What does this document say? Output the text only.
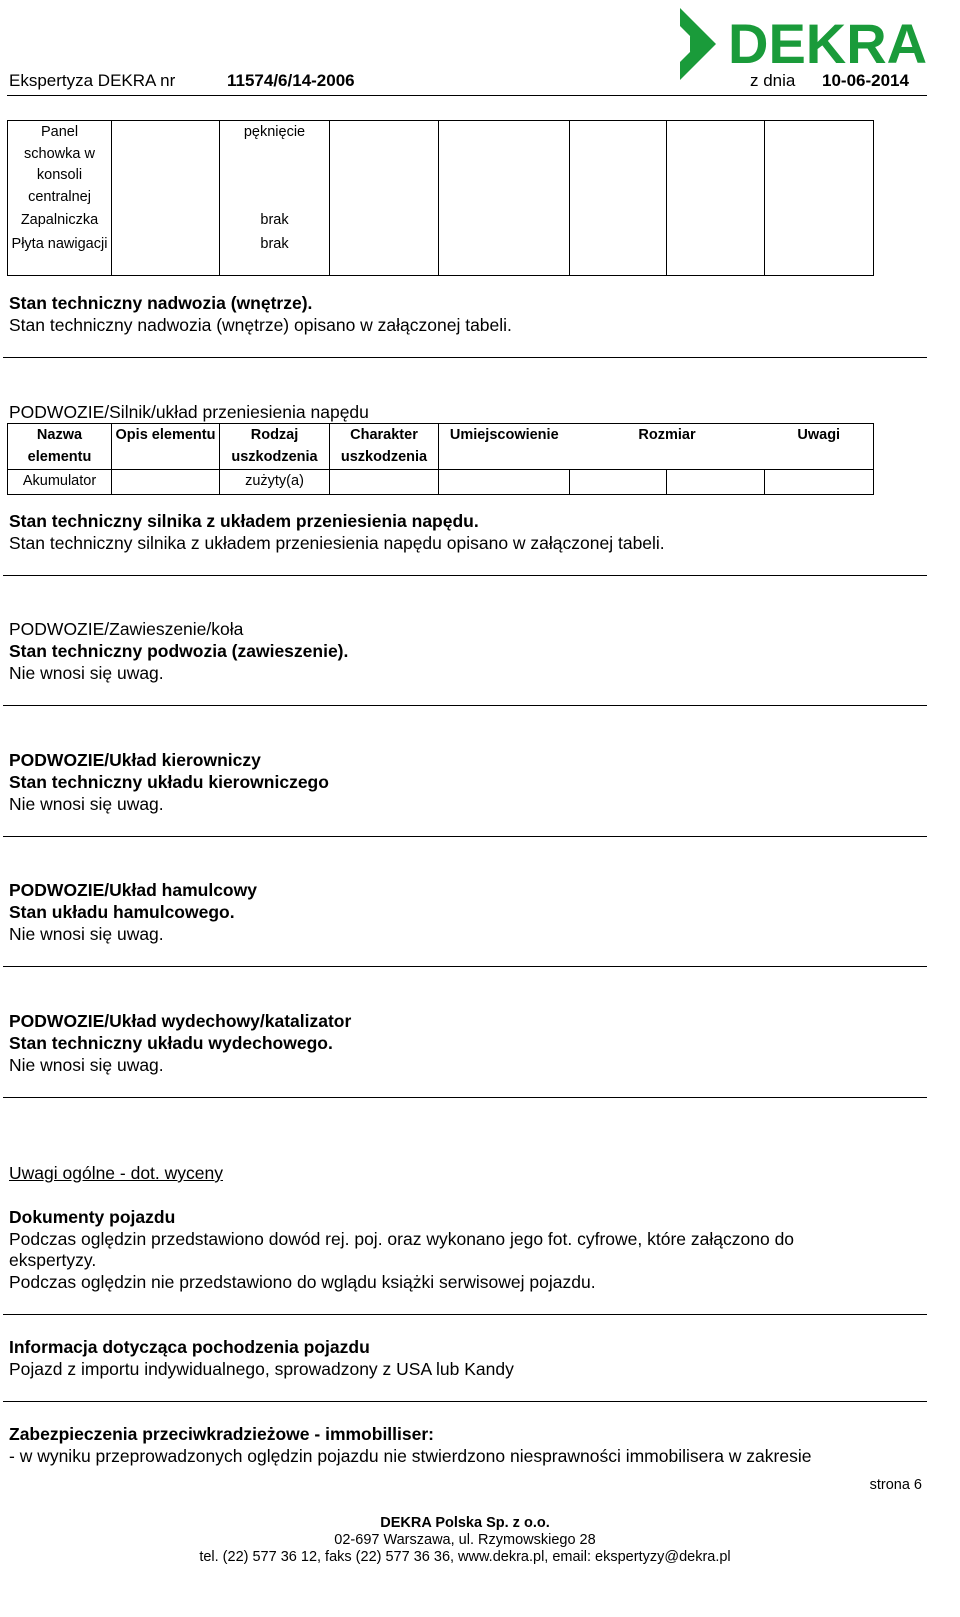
DEKRA
Ekspertyza DEKRA nr	11574/6/14-2006	z dnia 10-06-2014
Panel schowka w konsoli centralnej		pęknięcie					
Zapalniczka		brak					
Płyta nawigacji		brak					
Stan techniczny nadwozia (wnętrze).
Stan techniczny nadwozia (wnętrze) opisano w załączonej tabeli.
PODWOZIE/Silnik/układ przeniesienia napędu
Nazwa elementu	Opis elementu	Rodzaj uszkodzenia	Charakter uszkodzenia	Umiejscowienie	Rozmiar		Uwagi
Akumulator		zużyty(a)					
Stan techniczny silnika z układem przeniesienia napędu.
Stan techniczny silnika z układem przeniesienia napędu opisano w załączonej tabeli.
PODWOZIE/Zawieszenie/koła
Stan techniczny podwozia (zawieszenie).
Nie wnosi się uwag.
PODWOZIE/Układ kierowniczy
Stan techniczny układu kierowniczego
Nie wnosi się uwag.
PODWOZIE/Układ hamulcowy
Stan układu hamulcowego.
Nie wnosi się uwag.
PODWOZIE/Układ wydechowy/katalizator
Stan techniczny układu wydechowego.
Nie wnosi się uwag.
Uwagi ogólne - dot. wyceny
Dokumenty pojazdu
Podczas oględzin przedstawiono dowód rej. poj. oraz wykonano jego fot. cyfrowe, które załączono do
ekspertyzy.
Podczas oględzin nie przedstawiono do wglądu książki serwisowej pojazdu.
Informacja dotycząca pochodzenia pojazdu
Pojazd z importu indywidualnego, sprowadzony z USA lub Kandy
Zabezpieczenia przeciwkradzieżowe - immobilliser:
- w wyniku przeprowadzonych oględzin pojazdu nie stwierdzono niesprawności immobilisera w zakresie
strona 6
DEKRA Polska Sp. z o.o.
02-697 Warszawa, ul. Rzymowskiego 28
tel. (22) 577 36 12, faks (22) 577 36 36, www.dekra.pl, email: ekspertyzy@dekra.pl
